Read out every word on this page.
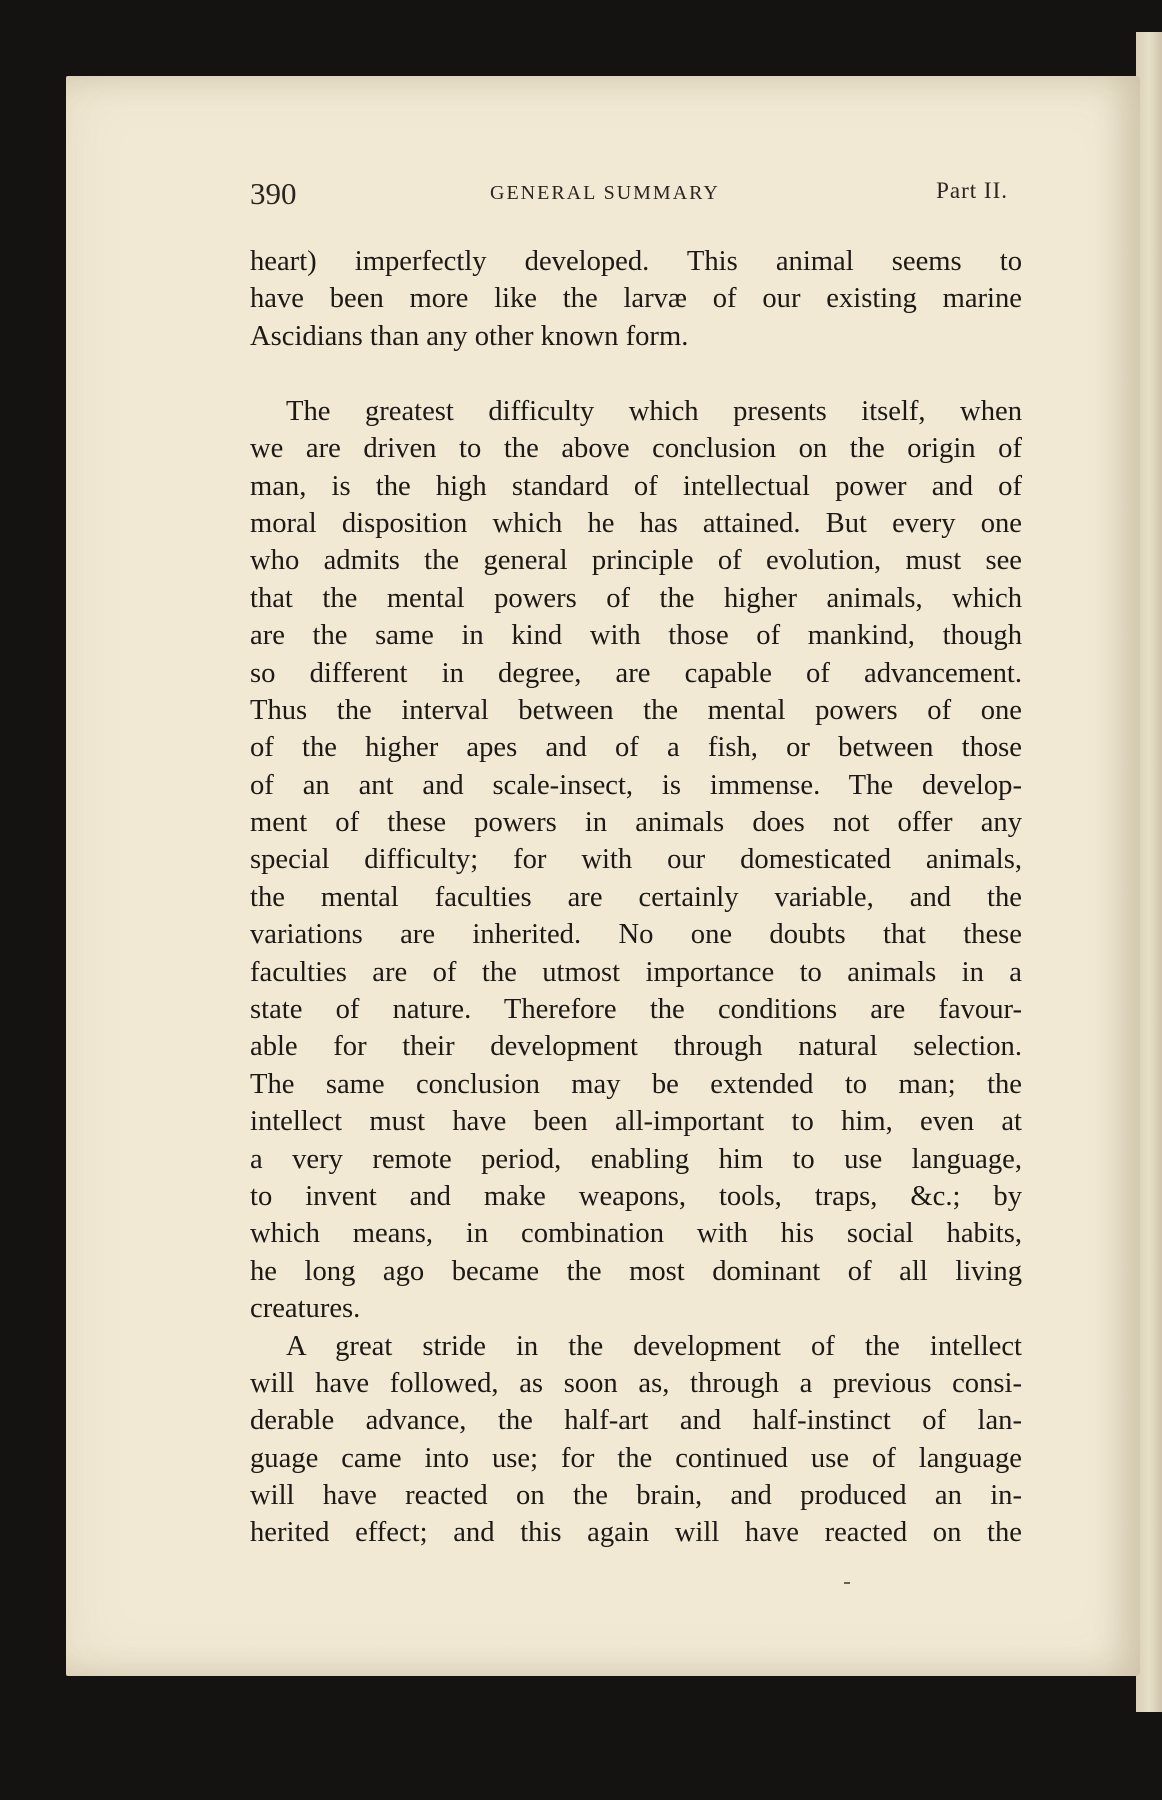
390	GENERAL SUMMARY	Part II.
heart) imperfectly developed. This animal seems to
have been more like the larvæ of our existing marine
Ascidians than any other known form.
The greatest difficulty which presents itself, when
we are driven to the above conclusion on the origin of
man, is the high standard of intellectual power and of
moral disposition which he has attained. But every one
who admits the general principle of evolution, must see
that the mental powers of the higher animals, which
are the same in kind with those of mankind, though
so different in degree, are capable of advancement.
Thus the interval between the mental powers of one
of the higher apes and of a fish, or between those
of an ant and scale-insect, is immense. The develop-
ment of these powers in animals does not offer any
special difficulty; for with our domesticated animals,
the mental faculties are certainly variable, and the
variations are inherited. No one doubts that these
faculties are of the utmost importance to animals in a
state of nature. Therefore the conditions are favour-
able for their development through natural selection.
The same conclusion may be extended to man; the
intellect must have been all-important to him, even at
a very remote period, enabling him to use language,
to invent and make weapons, tools, traps, &c.; by
which means, in combination with his social habits,
he long ago became the most dominant of all living
creatures.
A great stride in the development of the intellect
will have followed, as soon as, through a previous consi-
derable advance, the half-art and half-instinct of lan-
guage came into use; for the continued use of language
will have reacted on the brain, and produced an in-
herited effect; and this again will have reacted on the
